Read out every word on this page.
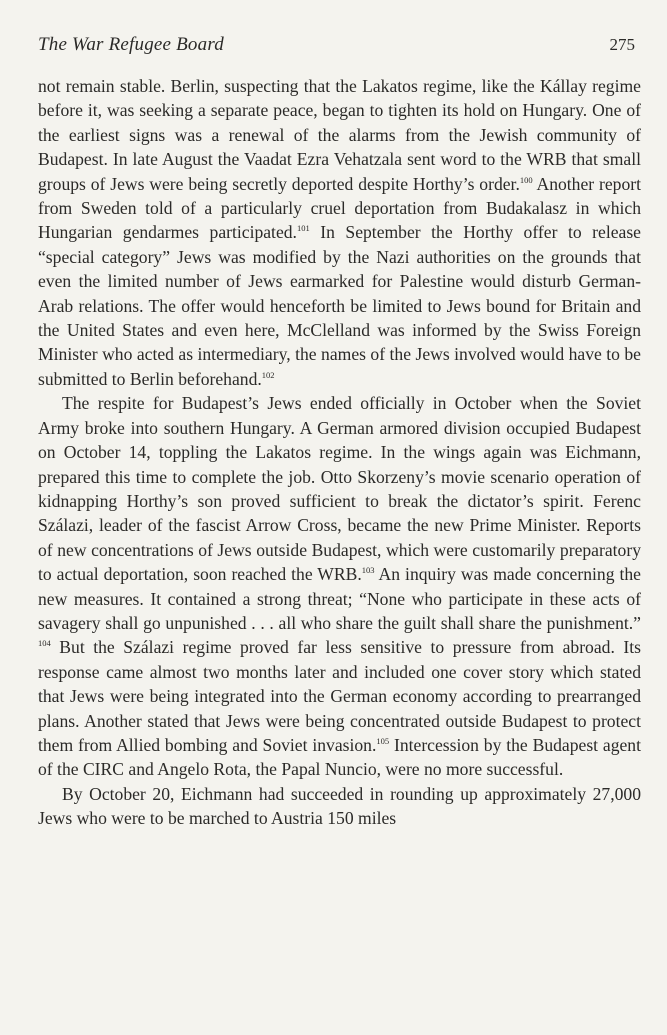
The War Refugee Board	275

not remain stable. Berlin, suspecting that the Lakatos regime, like the Kállay regime before it, was seeking a separate peace, began to tighten its hold on Hungary. One of the earliest signs was a renewal of the alarms from the Jewish community of Budapest. In late August the Vaadat Ezra Vehatzala sent word to the WRB that small groups of Jews were being secretly deported despite Horthy’s order.$^{100}$ Another report from Sweden told of a particularly cruel deportation from Budakalasz in which Hungarian gendarmes participated.$^{101}$ In September the Horthy offer to release “special category” Jews was modified by the Nazi authorities on the grounds that even the limited number of Jews earmarked for Palestine would disturb German-Arab relations. The offer would henceforth be limited to Jews bound for Britain and the United States and even here, McClelland was informed by the Swiss Foreign Minister who acted as intermediary, the names of the Jews involved would have to be submitted to Berlin beforehand.$^{102}$

The respite for Budapest’s Jews ended officially in October when the Soviet Army broke into southern Hungary. A German armored division occupied Budapest on October 14, toppling the Lakatos regime. In the wings again was Eichmann, prepared this time to complete the job. Otto Skorzeny’s movie scenario operation of kidnapping Horthy’s son proved sufficient to break the dictator’s spirit. Ferenc Szálazi, leader of the fascist Arrow Cross, became the new Prime Minister. Reports of new concentrations of Jews outside Budapest, which were customarily preparatory to actual deportation, soon reached the WRB.$^{103}$ An inquiry was made concerning the new measures. It contained a strong threat; “None who participate in these acts of savagery shall go unpunished . . . all who share the guilt shall share the punishment.” $^{104}$ But the Szálazi regime proved far less sensitive to pressure from abroad. Its response came almost two months later and included one cover story which stated that Jews were being integrated into the German economy according to prearranged plans. Another stated that Jews were being concentrated outside Budapest to protect them from Allied bombing and Soviet invasion.$^{105}$ Intercession by the Budapest agent of the CIRC and Angelo Rota, the Papal Nuncio, were no more successful.

By October 20, Eichmann had succeeded in rounding up approximately 27,000 Jews who were to be marched to Austria 150 miles
